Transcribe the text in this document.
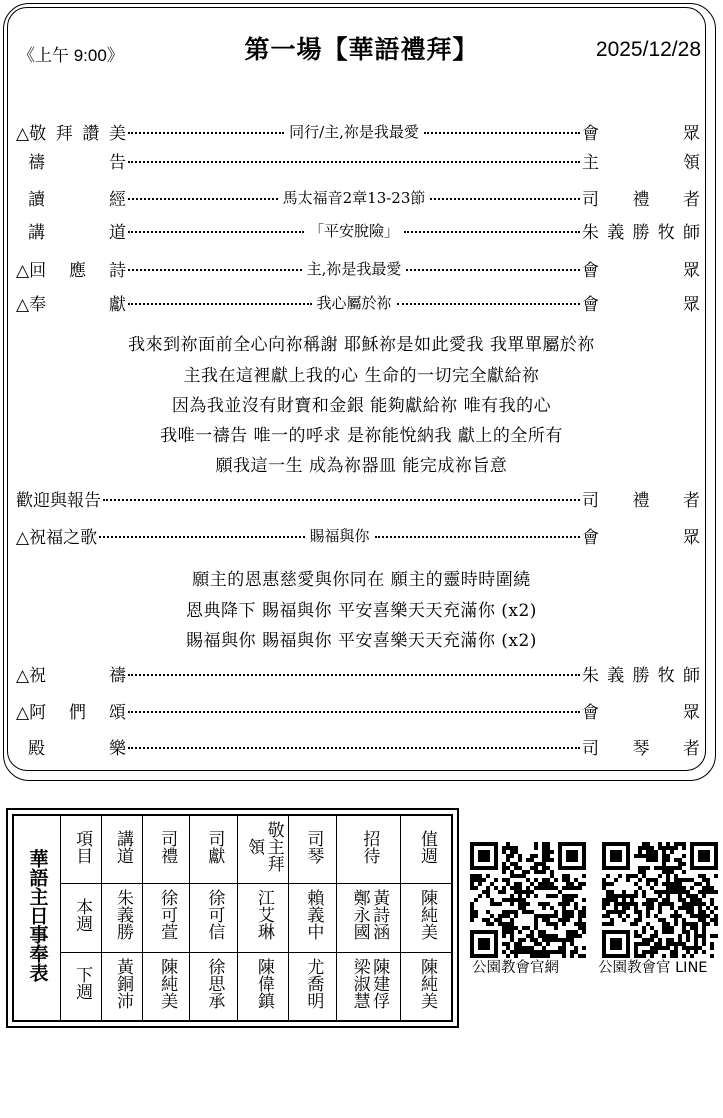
《上午 9:00》	第一場【華語禮拜】	2025/12/28
△敬 拜 讚 美	同行/主,祢是我最愛	會	眾
禱	告	主	領
讀	經	馬太福音2章13-23節	司 禮 者
講	道	「平安脫險」	朱 義 勝 牧 師
△回 應 詩	主,祢是我最愛	會	眾
△奉	獻	我心屬於祢	會	眾
我來到祢面前全心向祢稱謝 耶穌祢是如此愛我 我單單屬於祢
主我在這裡獻上我的心 生命的一切完全獻給祢
因為我並沒有財寶和金銀 能夠獻給祢 唯有我的心
我唯一禱告 唯一的呼求 是祢能悅納我 獻上的全所有
願我這一生 成為祢器皿 能完成祢旨意
歡迎與報告	司 禮 者
△祝福之歌	賜福與你	會	眾
願主的恩惠慈愛與你同在 願主的靈時時圍繞
恩典降下 賜福與你 平安喜樂天天充滿你 (x2)
賜福與你 賜福與你 平安喜樂天天充滿你 (x2)
△祝	禱	朱 義 勝 牧 師
△阿 們 頌	會	眾
殿	樂	司 琴 者
華語主日事奉表	項目	講道	司禮	司獻	敬主拜領	司琴	招待	值週
	本週	朱義勝	徐可萱	徐可信	江艾琳	賴義中	黃詩涵 鄭永國	陳純美
	下週	黃銅沛	陳純美	徐思承	陳偉鎮	尤喬明	陳建俘 梁淑慧	陳純美 公園教會官網	公園教會官 LINE
